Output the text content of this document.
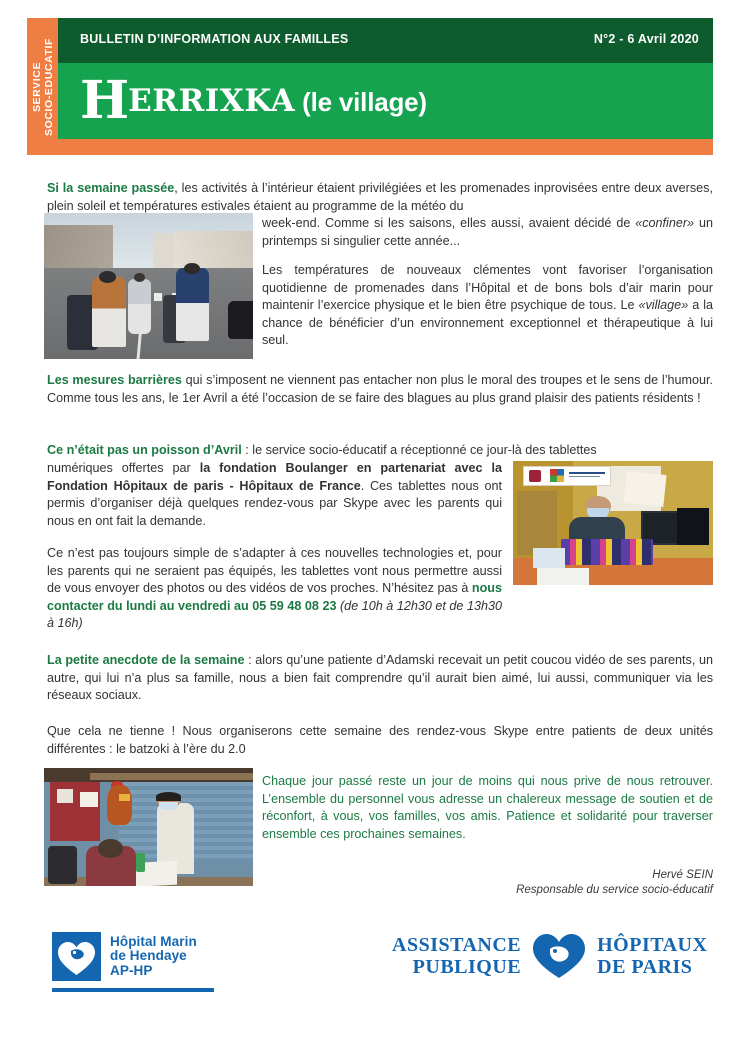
SERVICE SOCIO-EDUCATIF BULLETIN D’INFORMATION AUX FAMILLES	N°2 - 6 Avril 2020
HERRIXKA (le village)
Si la semaine passée, les activités à l’intérieur étaient privilégiées et les promenades inprovisées entre deux averses, plein soleil et températures estivales étaient au programme de la météo du
week-end. Comme si les saisons, elles aussi, avaient décidé de «confiner» un printemps si singulier cette année...
Les températures de nouveaux clémentes vont favoriser l’organisation quotidienne de promenades dans l’Hôpital et de bons bols d’air marin pour maintenir l’exercice physique et le bien être psychique de tous. Le «village» a la chance de bénéficier d’un environnement exceptionnel et thérapeutique à lui seul.
Les mesures barrières qui s’imposent ne viennent pas entacher non plus le moral des troupes et le sens de l’humour. Comme tous les ans, le 1er Avril a été l’occasion de se faire des blagues au plus grand plaisir des patients résidents !
Ce n’était pas un poisson d’Avril : le service socio-éducatif a réceptionné ce jour-là des tablettes
numériques offertes par la fondation Boulanger en partenariat avec la Fondation Hôpitaux de paris - Hôpitaux de France. Ces tablettes nous ont permis d’organiser déjà quelques rendez-vous par Skype avec les parents qui nous en ont fait la demande.
Ce n’est pas toujours simple de s’adapter à ces nouvelles technologies et, pour les parents qui ne seraient pas équipés, les tablettes vont nous permettre aussi de vous envoyer des photos ou des vidéos de vos proches. N’hésitez pas à nous contacter du lundi au vendredi au 05 59 48 08 23 (de 10h à 12h30 et de 13h30 à 16h)
La petite anecdote de la semaine : alors qu’une patiente d’Adamski recevait un petit coucou vidéo de ses parents, un autre, qui lui n’a plus sa famille, nous a bien fait comprendre qu’il aurait bien aimé, lui aussi, communiquer via les réseaux sociaux.
Que cela ne tienne ! Nous organiserons cette semaine des rendez-vous Skype entre patients de deux unités différentes : le batzoki à l’ère du 2.0
Chaque jour passé reste un jour de moins qui nous prive de nous retrouver. L’ensemble du personnel vous adresse un chalereux message de soutien et de réconfort, à vous, vos familles, vos amis. Patience et solidarité pour traverser ensemble ces prochaines semaines.
Hervé SEIN
Responsable du service socio-éducatif
Hôpital Marin
de Hendaye
AP-HP
ASSISTANCE
PUBLIQUE
HÔPITAUX
DE PARIS
